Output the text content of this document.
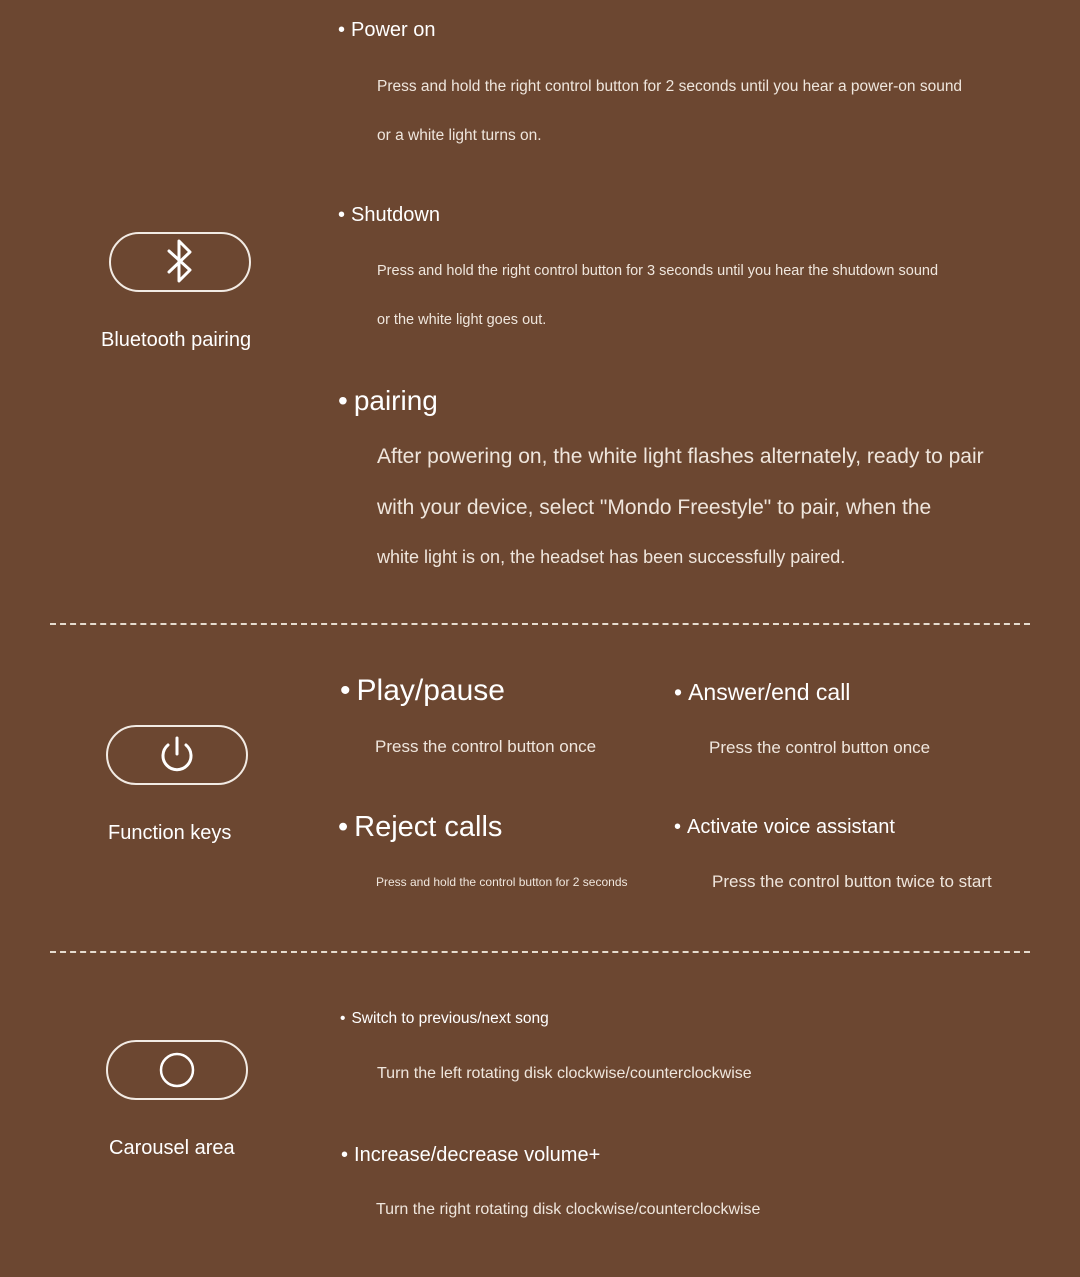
Bluetooth pairing
• Power on
Press and hold the right control button for 2 seconds until you hear a power-on sound
or a white light turns on.
• Shutdown
Press and hold the right control button for 3 seconds until you hear the shutdown sound
or the white light goes out.
• pairing
After powering on, the white light flashes alternately, ready to pair
with your device, select "Mondo Freestyle" to pair, when the
white light is on, the headset has been successfully paired.
Function keys
• Play/pause
Press the control button once
• Answer/end call
Press the control button once
• Reject calls
Press and hold the control button for 2 seconds
• Activate voice assistant
Press the control button twice to start
Carousel area
• Switch to previous/next song
Turn the left rotating disk clockwise/counterclockwise
• Increase/decrease volume+
Turn the right rotating disk clockwise/counterclockwise
